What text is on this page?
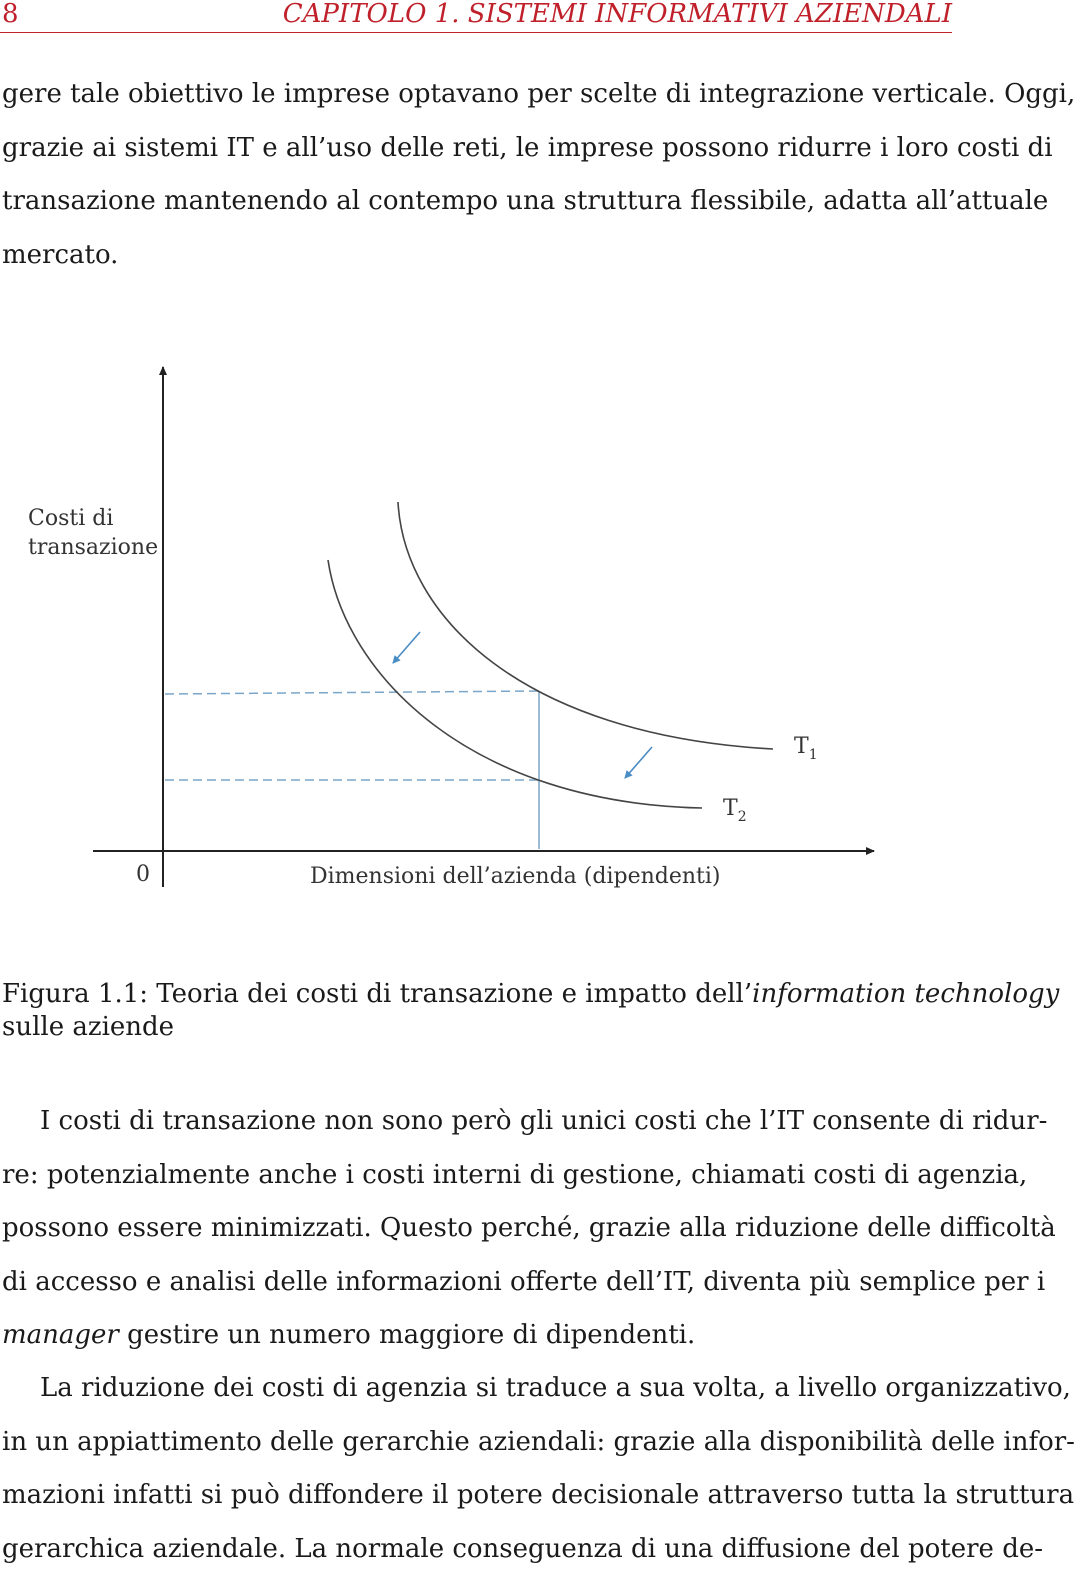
8	CAPITOLO 1. SISTEMI INFORMATIVI AZIENDALI
gere tale obiettivo le imprese optavano per scelte di integrazione verticale. Oggi,
grazie ai sistemi IT e all’uso delle reti, le imprese possono ridurre i loro costi di
transazione mantenendo al contempo una struttura flessibile, adatta all’attuale
mercato.
Costi di
transazione
0	Dimensioni dell’azienda (dipendenti)
$T_1$
$T_2$
Figura 1.1: Teoria dei costi di transazione e impatto dell’information technology
sulle aziende
I costi di transazione non sono però gli unici costi che l’IT consente di ridur-
re: potenzialmente anche i costi interni di gestione, chiamati costi di agenzia,
possono essere minimizzati. Questo perché, grazie alla riduzione delle difficoltà
di accesso e analisi delle informazioni offerte dell’IT, diventa più semplice per i
manager gestire un numero maggiore di dipendenti.
La riduzione dei costi di agenzia si traduce a sua volta, a livello organizzativo,
in un appiattimento delle gerarchie aziendali: grazie alla disponibilità delle infor-
mazioni infatti si può diffondere il potere decisionale attraverso tutta la struttura
gerarchica aziendale. La normale conseguenza di una diffusione del potere de-
